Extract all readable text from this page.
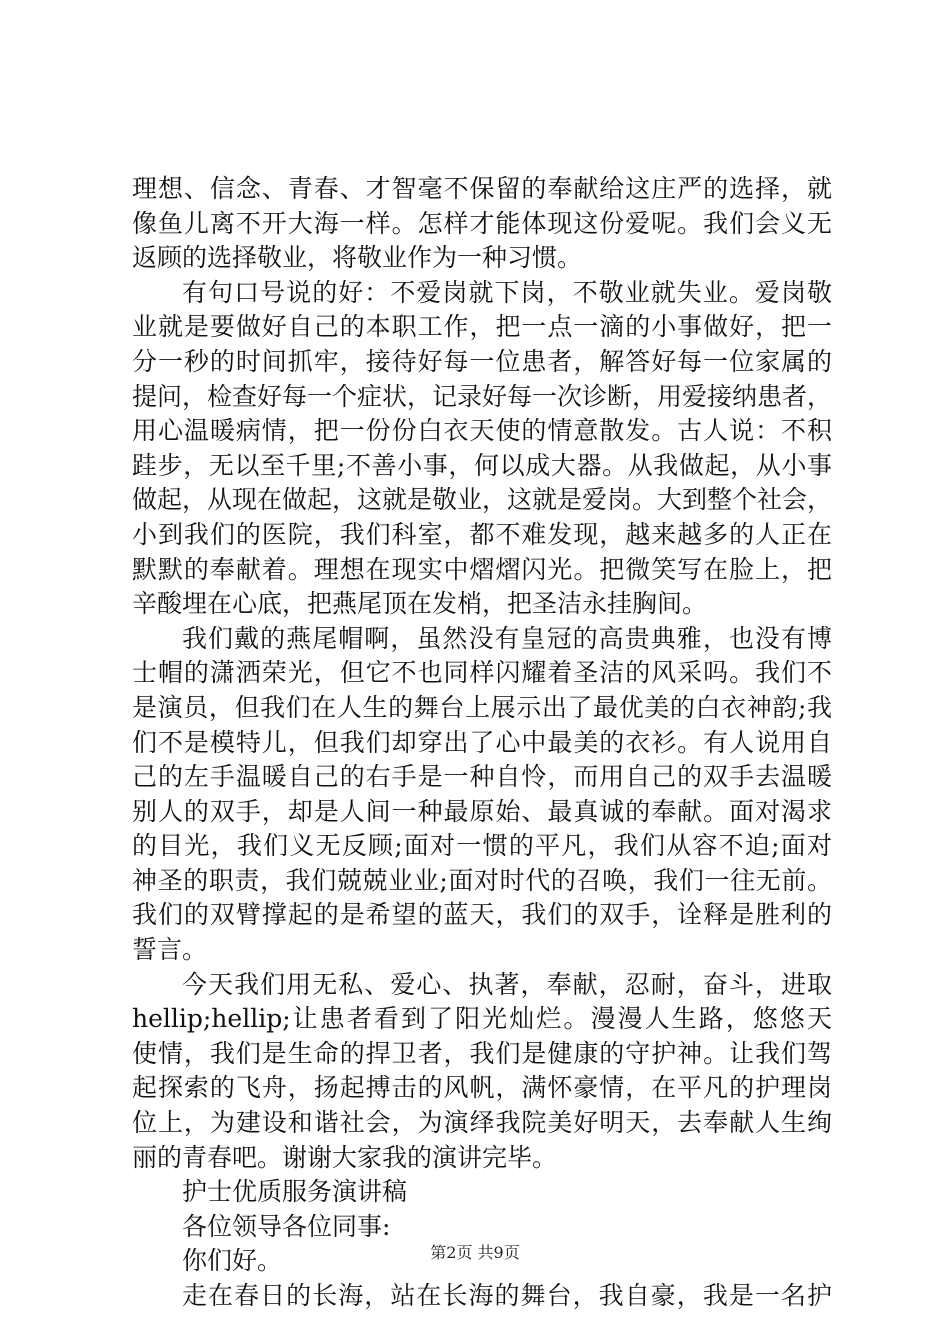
理想、信念、青春、才智毫不保留的奉献给这庄严的选择，就
像鱼儿离不开大海一样。怎样才能体现这份爱呢。我们会义无
返顾的选择敬业，将敬业作为一种习惯。
有句口号说的好：不爱岗就下岗，不敬业就失业。爱岗敬
业就是要做好自己的本职工作，把一点一滴的小事做好，把一
分一秒的时间抓牢，接待好每一位患者，解答好每一位家属的
提问，检查好每一个症状，记录好每一次诊断，用爱接纳患者，
用心温暖病情，把一份份白衣天使的情意散发。古人说：不积
跬步，无以至千里;不善小事，何以成大器。从我做起，从小事
做起，从现在做起，这就是敬业，这就是爱岗。大到整个社会，
小到我们的医院，我们科室，都不难发现，越来越多的人正在
默默的奉献着。理想在现实中熠熠闪光。把微笑写在脸上，把
辛酸埋在心底，把燕尾顶在发梢，把圣洁永挂胸间。
我们戴的燕尾帽啊，虽然没有皇冠的高贵典雅，也没有博
士帽的潇洒荣光，但它不也同样闪耀着圣洁的风采吗。我们不
是演员，但我们在人生的舞台上展示出了最优美的白衣神韵;我
们不是模特儿，但我们却穿出了心中最美的衣衫。有人说用自
己的左手温暖自己的右手是一种自怜，而用自己的双手去温暖
别人的双手，却是人间一种最原始、最真诚的奉献。面对渴求
的目光，我们义无反顾;面对一惯的平凡，我们从容不迫;面对
神圣的职责，我们兢兢业业;面对时代的召唤，我们一往无前。
我们的双臂撑起的是希望的蓝天，我们的双手，诠释是胜利的
誓言。
今天我们用无私、爱心、执著，奉献，忍耐，奋斗，进取
hellip;hellip;让患者看到了阳光灿烂。漫漫人生路，悠悠天
使情，我们是生命的捍卫者，我们是健康的守护神。让我们驾
起探索的飞舟，扬起搏击的风帆，满怀豪情，在平凡的护理岗
位上，为建设和谐社会，为演绎我院美好明天，去奉献人生绚
丽的青春吧。谢谢大家我的演讲完毕。
护士优质服务演讲稿
各位领导各位同事:
你们好。
走在春日的长海，站在长海的舞台，我自豪，我是一名护
第2页 共9页
